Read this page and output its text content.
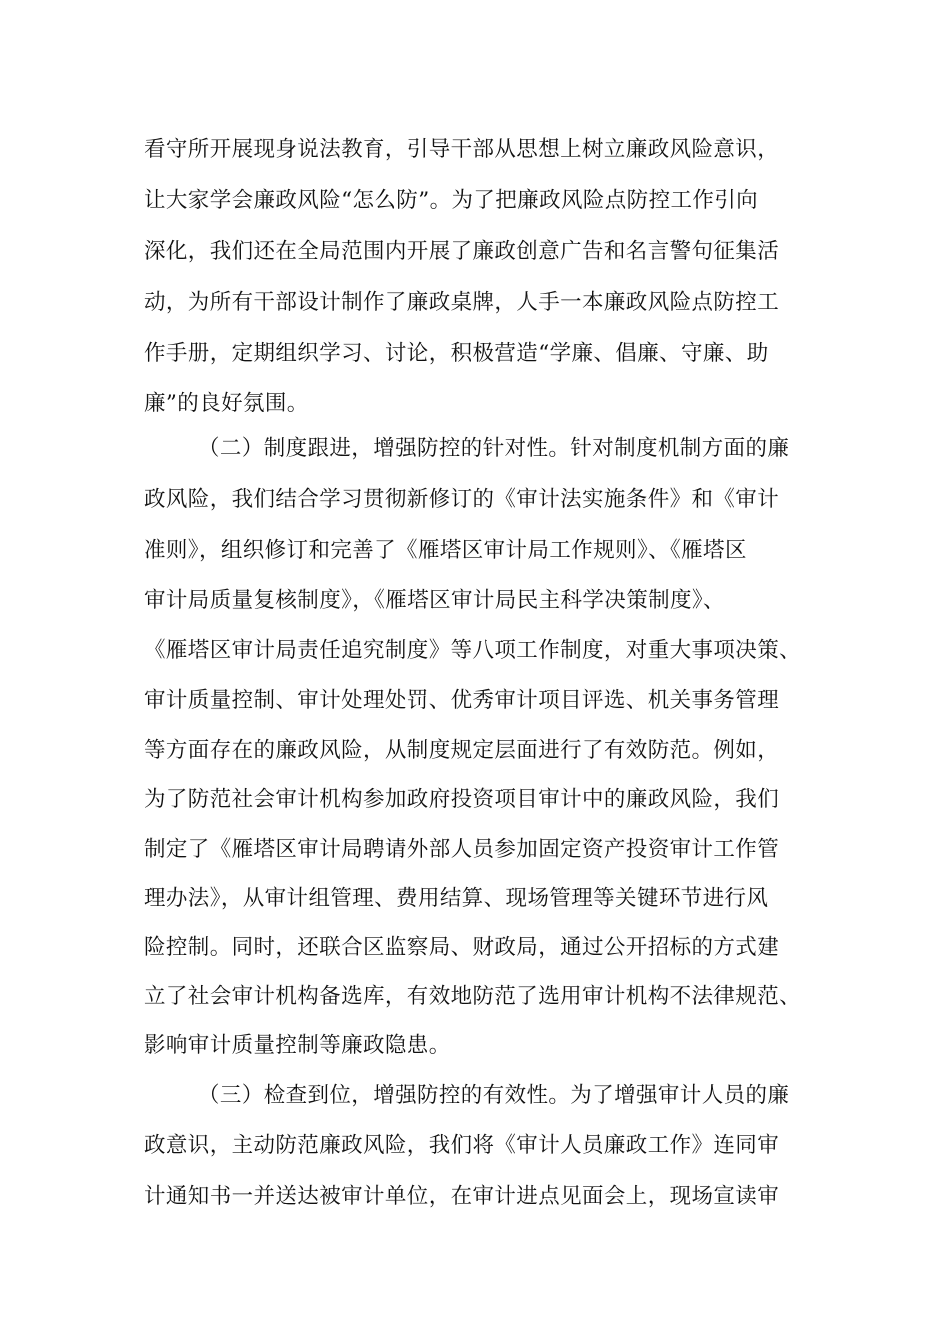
看守所开展现身说法教育，引导干部从思想上树立廉政风险意识，
让大家学会廉政风险“怎么防”。为了把廉政风险点防控工作引向
深化，我们还在全局范围内开展了廉政创意广告和名言警句征集活
动，为所有干部设计制作了廉政桌牌，人手一本廉政风险点防控工
作手册，定期组织学习、讨论，积极营造“学廉、倡廉、守廉、助
廉”的良好氛围。
（二）制度跟进，增强防控的针对性。针对制度机制方面的廉
政风险，我们结合学习贯彻新修订的《审计法实施条件》和《审计
准则》，组织修订和完善了《雁塔区审计局工作规则》、《雁塔区
审计局质量复核制度》，《雁塔区审计局民主科学决策制度》、
《雁塔区审计局责任追究制度》等八项工作制度，对重大事项决策、
审计质量控制、审计处理处罚、优秀审计项目评选、机关事务管理
等方面存在的廉政风险，从制度规定层面进行了有效防范。例如，
为了防范社会审计机构参加政府投资项目审计中的廉政风险，我们
制定了《雁塔区审计局聘请外部人员参加固定资产投资审计工作管
理办法》，从审计组管理、费用结算、现场管理等关键环节进行风
险控制。同时，还联合区监察局、财政局，通过公开招标的方式建
立了社会审计机构备选库，有效地防范了选用审计机构不法律规范、
影响审计质量控制等廉政隐患。
（三）检查到位，增强防控的有效性。为了增强审计人员的廉
政意识，主动防范廉政风险，我们将《审计人员廉政工作》连同审
计通知书一并送达被审计单位，在审计进点见面会上，现场宣读审
